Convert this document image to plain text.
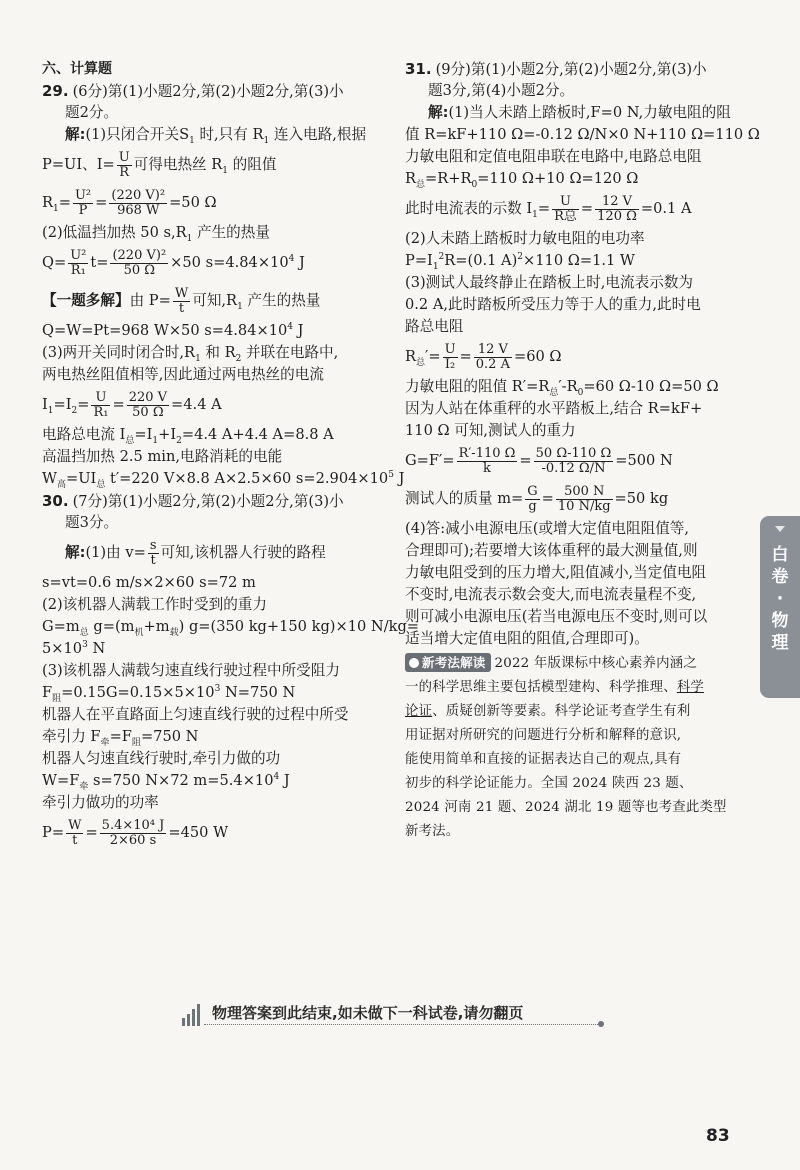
六、计算题
29. (6分)第(1)小题2分,第(2)小题2分,第(3)小
题2分。
解:(1)只闭合开关$S_1$ 时,只有 $R_1$ 连入电路,根据
P=UI、$I= \frac{U}{R}$ 可得电热丝 $R_1$ 的阻值
$R_1= \frac{\text{U²}}{P} = \frac{\text{(220 V)²}}{968 W} =50$ Ω
(2)低温挡加热 50 $s,R_1$ 产生的热量
$Q= \frac{\text{U²}}{\text{R₁}} t= \frac{\text{(220 V)²}}{50 \Omega} \times 50$ $s=4.84\times 10^4$ J
【一题多解】由 $P= \frac{W}{t}$ 可知$,R_1$ 产生的热量
Q=W=Pt=968 W×50 $s=4.84\times 10^4$ J
(3)两开关同时闭合时$,R_1$ 和 $R_2$ 并联在电路中,
两电热丝阻值相等,因此通过两电热丝的电流
$I_1=I_2= \frac{U}{\text{R₁}} = \frac{220 V}{50 \Omega} =4.4$ A
电路总电流 $I_总=I_1+I_2=4.4$ A+4.4 A=8.8 A
高温挡加热 2.5 min,电路消耗的电能
$W_高=UI_总$ t′=220 V×8.8 A×2.5×60 $s=2.904\times 10^5$ J
30. (7分)第(1)小题2分,第(2)小题2分,第(3)小
题3分。
解:(1)由 $v= \frac{s}{t}$ 可知,该机器人行驶的路程
s=vt=0.6 m/s×2×60 s=72 m
(2)该机器人满载工作时受到的重力
$G=m_总$ $g=(m_机+m_载)$ g=(350 kg+150 kg)×10 N/kg=
$5\times 10^3$ N
(3)该机器人满载匀速直线行驶过程中所受阻力
$F_阻=0.15G=0.15\times 5\times 10^3$ N=750 N
机器人在平直路面上匀速直线行驶的过程中所受
牵引力 $F_牵=F_阻=750$ N
机器人匀速直线行驶时,牵引力做的功
$W=F_牵$ s=750 N×72 $m=5.4\times 10^4$ J
牵引力做功的功率
$P= \frac{W}{t} = \frac{\text{5.4×10⁴ J}}{2\times 60 s} =450$ W
31. (9分)第(1)小题2分,第(2)小题2分,第(3)小
题3分,第(4)小题2分。
解:(1)当人未踏上踏板时,F=0 N,力敏电阻的阻
值 R=kF+110 Ω=-0.12 Ω/N×0 N+110 Ω=110 Ω
力敏电阻和定值电阻串联在电路中,电路总电阻
$R_总=R+R_0=110$ Ω+10 Ω=120 Ω
此时电流表的示数 $I_1= \frac{U}{\text{R总}} = \frac{12 V}{120 \Omega} =0.1$ A
(2)人未踏上踏板时力敏电阻的电功率
$P=I_1^2R=(0.1$ A)$^2$×110 Ω=1.1 W
(3)测试人最终静止在踏板上时,电流表示数为
0.2 A,此时踏板所受压力等于人的重力,此时电
路总电阻
$R_总'= \frac{U}{\text{I₂}} = \frac{12 V}{0.2 A} =60$ Ω
力敏电阻的阻值 $R'=R_总'-R_0=60$ Ω-10 Ω=50 Ω
因为人站在体重秤的水平踏板上,结合 R=kF+
110 Ω 可知,测试人的重力
$G=F'= \frac{R'-110 \Omega}{k} = \frac{50 \Omega-110 \Omega}{-0.12 \Omega/N} =500$ N
测试人的质量 $m= \frac{G}{g} = \frac{500 N}{10 N/kg} =50$ kg
(4)答:减小电源电压(或增大定值电阻阻值等,
合理即可);若要增大该体重秤的最大测量值,则
力敏电阻受到的压力增大,阻值减小,当定值电阻
不变时,电流表示数会变大,而电流表量程不变,
则可减小电源电压(若当电源电压不变时,则可以
适当增大定值电阻的阻值,合理即可)。
新考法解读 2022 年版课标中核心素养内涵之
一的科学思维主要包括模型建构、科学推理、科学
论证、质疑创新等要素。科学论证考查学生有利
用证据对所研究的问题进行分析和解释的意识,
能使用简单和直接的证据表达自己的观点,具有
初步的科学论证能力。全国 2024 陕西 23 题、
2024 河南 21 题、2024 湖北 19 题等也考查此类型
新考法。
白卷·物理
物理答案到此结束,如未做下一科试卷,请勿翻页
83
